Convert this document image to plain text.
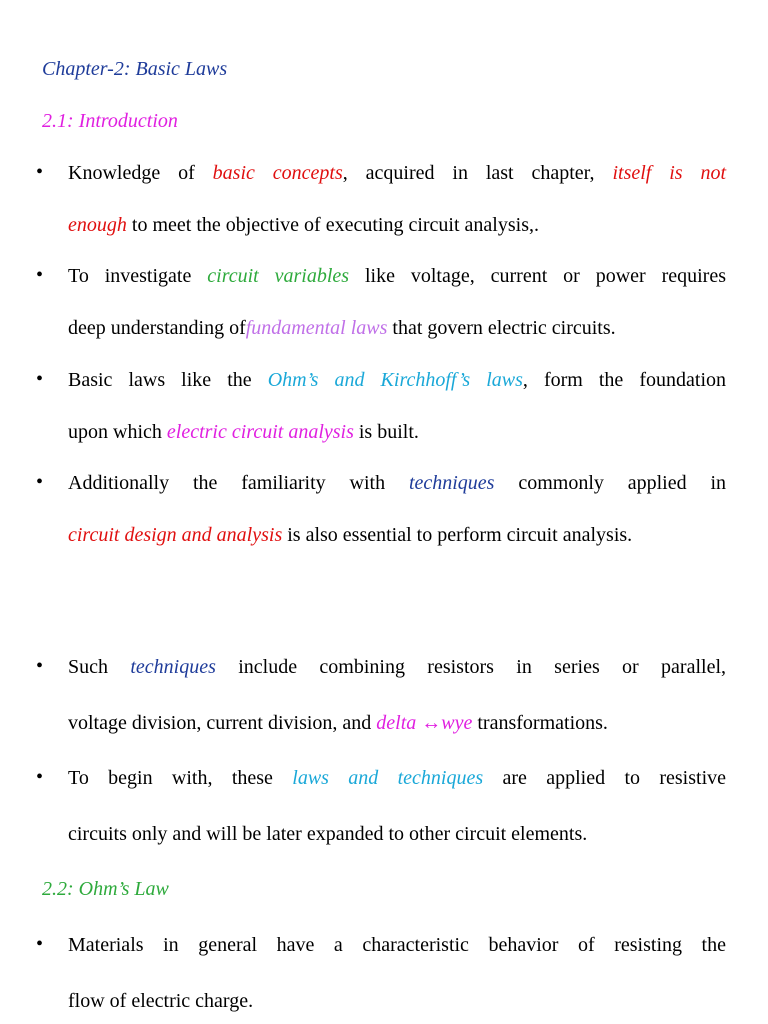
Chapter-2: Basic Laws
2.1: Introduction
• Knowledge of basic concepts, acquired in last chapter, itself is not
enough to meet the objective of executing circuit analysis,.
• To investigate circuit variables like voltage, current or power requires
deep understanding offundamental laws that govern electric circuits.
• Basic laws like the Ohm’s and Kirchhoff’s laws, form the foundation
upon which electric circuit analysis is built.
• Additionally the familiarity with techniques commonly applied in
circuit design and analysis is also essential to perform circuit analysis.
• Such techniques include combining resistors in series or parallel,
voltage division, current division, and delta ↔wye transformations.
• To begin with, these laws and techniques are applied to resistive
circuits only and will be later expanded to other circuit elements.
2.2: Ohm’s Law
• Materials in general have a characteristic behavior of resisting the
flow of electric charge.
